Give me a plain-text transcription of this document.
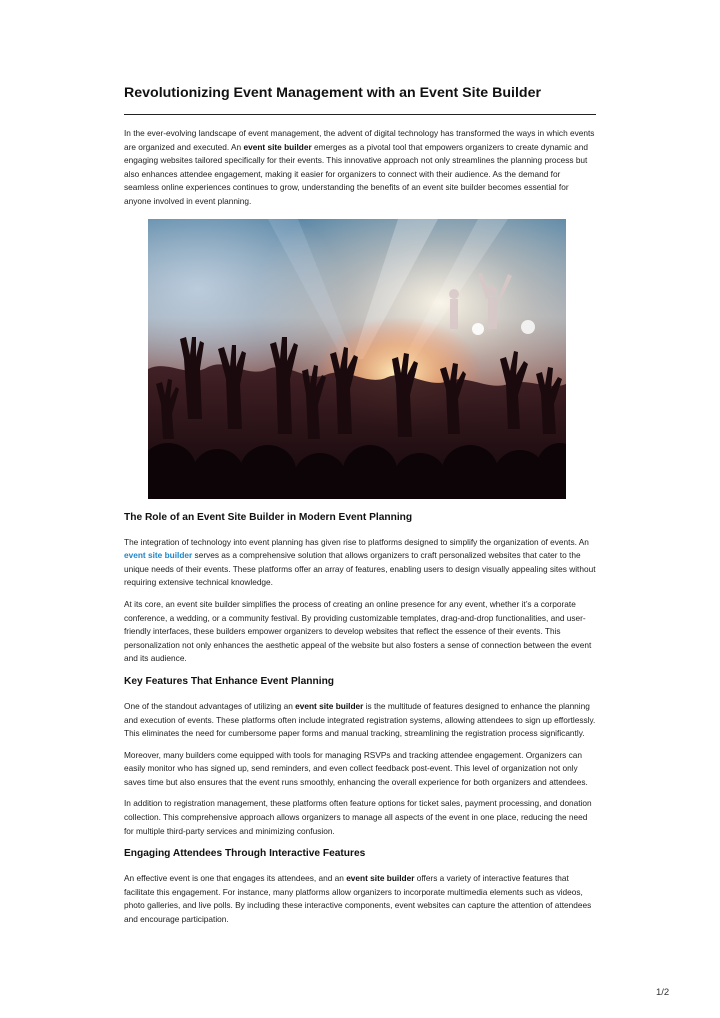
Revolutionizing Event Management with an Event Site Builder

In the ever-evolving landscape of event management, the advent of digital technology has transformed the ways in which events are organized and executed. An event site builder emerges as a pivotal tool that empowers organizers to create dynamic and engaging websites tailored specifically for their events. This innovative approach not only streamlines the planning process but also enhances attendee engagement, making it easier for organizers to connect with their audience. As the demand for seamless online experiences continues to grow, understanding the benefits of an event site builder becomes essential for anyone involved in event planning.

The Role of an Event Site Builder in Modern Event Planning

The integration of technology into event planning has given rise to platforms designed to simplify the organization of events. An event site builder serves as a comprehensive solution that allows organizers to craft personalized websites that cater to the unique needs of their events. These platforms offer an array of features, enabling users to design visually appealing sites without requiring extensive technical knowledge.

At its core, an event site builder simplifies the process of creating an online presence for any event, whether it’s a corporate conference, a wedding, or a community festival. By providing customizable templates, drag-and-drop functionalities, and user-friendly interfaces, these builders empower organizers to develop websites that reflect the essence of their events. This personalization not only enhances the aesthetic appeal of the website but also fosters a sense of connection between the event and its audience.

Key Features That Enhance Event Planning

One of the standout advantages of utilizing an event site builder is the multitude of features designed to enhance the planning and execution of events. These platforms often include integrated registration systems, allowing attendees to sign up effortlessly. This eliminates the need for cumbersome paper forms and manual tracking, streamlining the registration process significantly.

Moreover, many builders come equipped with tools for managing RSVPs and tracking attendee engagement. Organizers can easily monitor who has signed up, send reminders, and even collect feedback post-event. This level of organization not only saves time but also ensures that the event runs smoothly, enhancing the overall experience for both organizers and attendees.

In addition to registration management, these platforms often feature options for ticket sales, payment processing, and donation collection. This comprehensive approach allows organizers to manage all aspects of the event in one place, reducing the need for multiple third-party services and minimizing confusion.

Engaging Attendees Through Interactive Features

An effective event is one that engages its attendees, and an event site builder offers a variety of interactive features that facilitate this engagement. For instance, many platforms allow organizers to incorporate multimedia elements such as videos, photo galleries, and live polls. By including these interactive components, event websites can capture the attention of attendees and encourage participation.

1/2
